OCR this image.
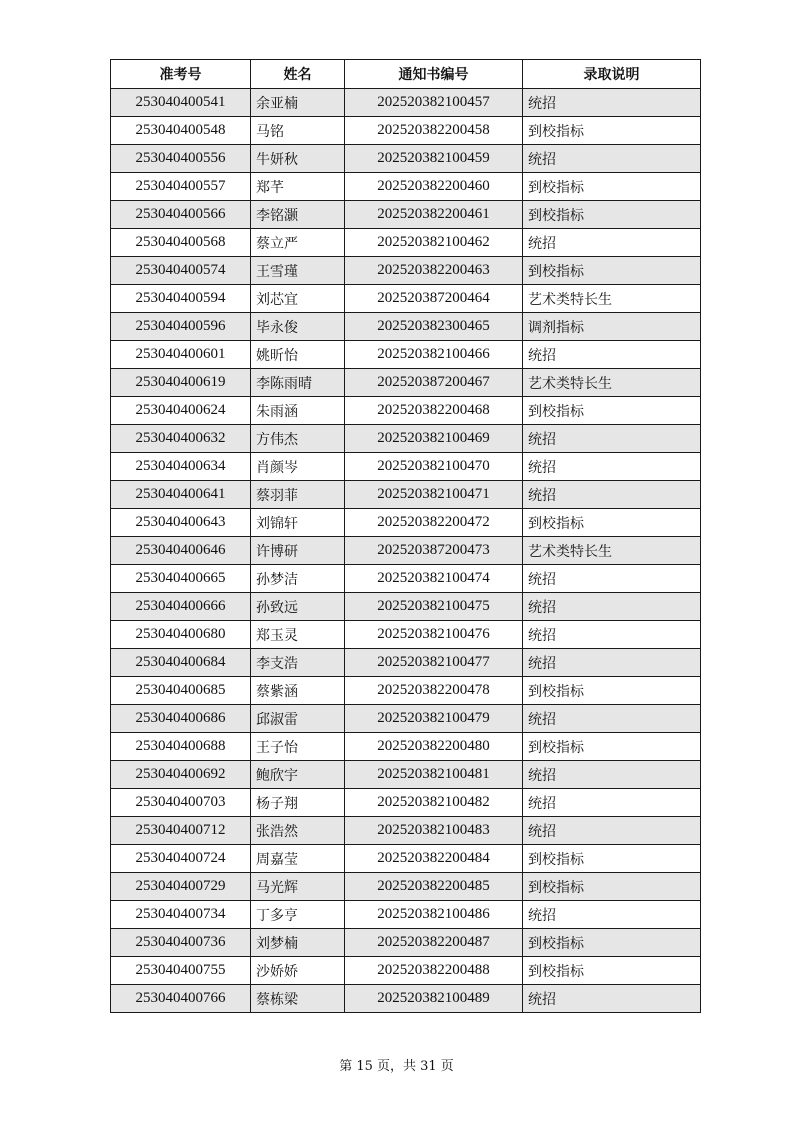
准考号	姓名	通知书编号	录取说明
253040400541	余亚楠	202520382100457	统招
253040400548	马铭	202520382200458	到校指标
253040400556	牛妍秋	202520382100459	统招
253040400557	郑芊	202520382200460	到校指标
253040400566	李铭灏	202520382200461	到校指标
253040400568	蔡立严	202520382100462	统招
253040400574	王雪瑾	202520382200463	到校指标
253040400594	刘芯宜	202520387200464	艺术类特长生
253040400596	毕永俊	202520382300465	调剂指标
253040400601	姚昕怡	202520382100466	统招
253040400619	李陈雨晴	202520387200467	艺术类特长生
253040400624	朱雨涵	202520382200468	到校指标
253040400632	方伟杰	202520382100469	统招
253040400634	肖颜岑	202520382100470	统招
253040400641	蔡羽菲	202520382100471	统招
253040400643	刘锦轩	202520382200472	到校指标
253040400646	许博研	202520387200473	艺术类特长生
253040400665	孙梦洁	202520382100474	统招
253040400666	孙致远	202520382100475	统招
253040400680	郑玉灵	202520382100476	统招
253040400684	李支浩	202520382100477	统招
253040400685	蔡紫涵	202520382200478	到校指标
253040400686	邱淑雷	202520382100479	统招
253040400688	王子怡	202520382200480	到校指标
253040400692	鲍欣宇	202520382100481	统招
253040400703	杨子翔	202520382100482	统招
253040400712	张浩然	202520382100483	统招
253040400724	周嘉莹	202520382200484	到校指标
253040400729	马光辉	202520382200485	到校指标
253040400734	丁多亨	202520382100486	统招
253040400736	刘梦楠	202520382200487	到校指标
253040400755	沙娇娇	202520382200488	到校指标
253040400766	蔡栋梁	202520382100489	统招
第 15 页，共 31 页
